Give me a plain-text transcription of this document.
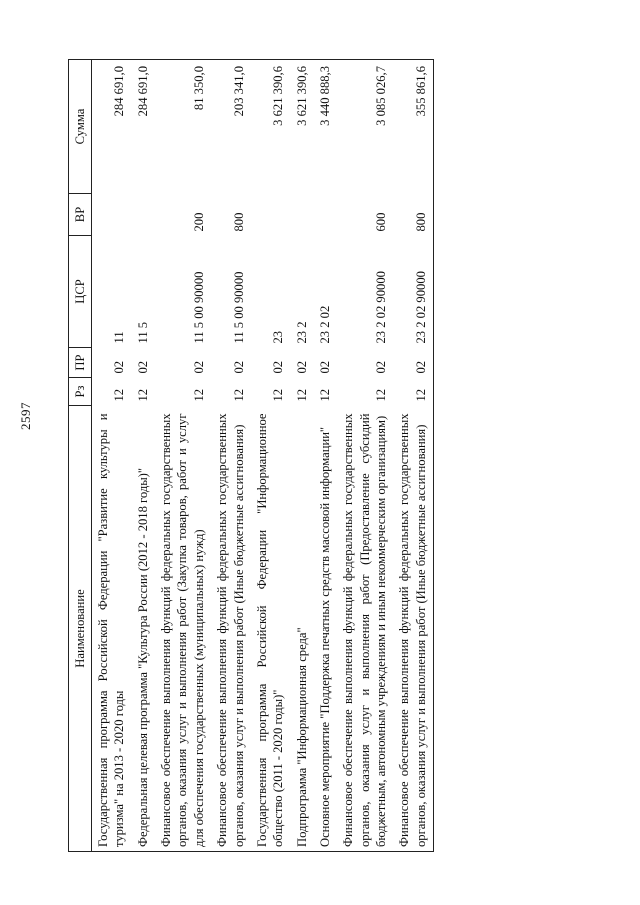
2597
Наименование	Рз	ПР	ЦСР	ВР	Сумма
Государственная программа Российской Федерации "Развитие культуры и туризма" на 2013 - 2020 годы	12	02	11		284 691,0
Федеральная целевая программа "Культура России (2012 - 2018 годы)"	12	02	11 5		284 691,0
Финансовое обеспечение выполнения функций федеральных государственных органов, оказания услуг и выполнения работ (Закупка товаров, работ и услуг для обеспечения государственных (муниципальных) нужд)	12	02	11 5 00 90000	200	81 350,0
Финансовое обеспечение выполнения функций федеральных государственных органов, оказания услуг и выполнения работ (Иные бюджетные ассигнования)	12	02	11 5 00 90000	800	203 341,0
Государственная программа Российской Федерации "Информационное общество (2011 - 2020 годы)"	12	02	23		3 621 390,6
Подпрограмма "Информационная среда"	12	02	23 2		3 621 390,6
Основное мероприятие "Поддержка печатных средств массовой информации"	12	02	23 2 02		3 440 888,3
Финансовое обеспечение выполнения функций федеральных государственных органов, оказания услуг и выполнения работ (Предоставление субсидий бюджетным, автономным учреждениям и иным некоммерческим организациям)	12	02	23 2 02 90000	600	3 085 026,7
Финансовое обеспечение выполнения функций федеральных государственных органов, оказания услуг и выполнения работ (Иные бюджетные ассигнования)	12	02	23 2 02 90000	800	355 861,6
